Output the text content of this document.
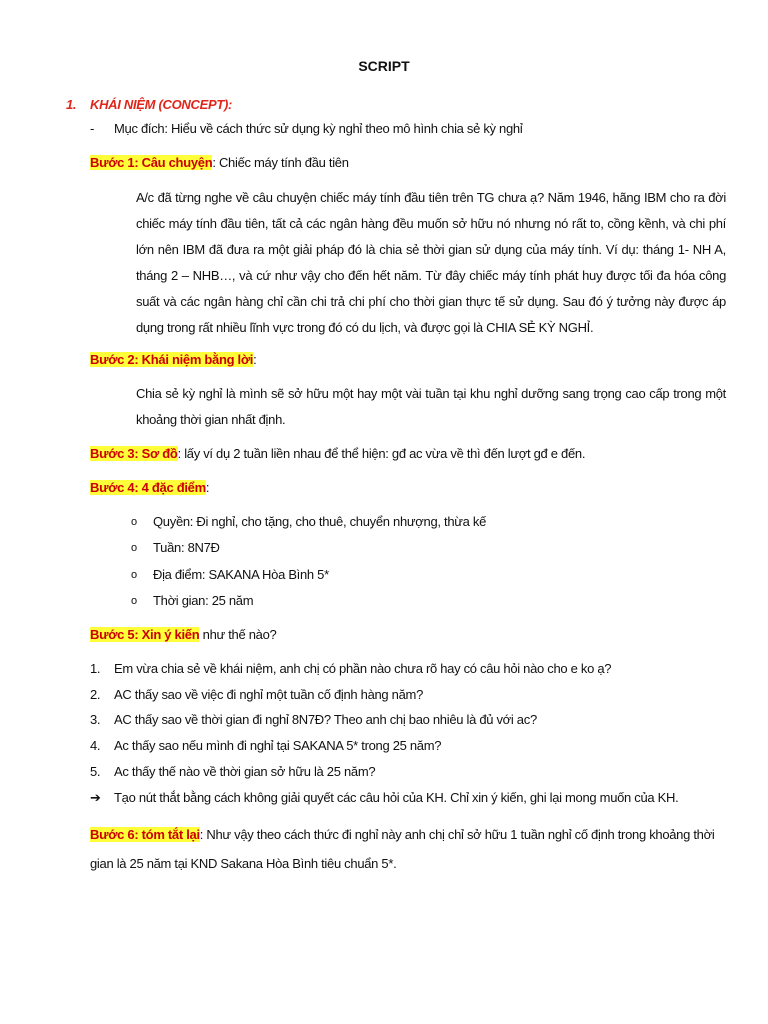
SCRIPT
1. KHÁI NIỆM (CONCEPT):
- Mục đích: Hiểu về cách thức sử dụng kỳ nghỉ theo mô hình chia sẻ kỳ nghỉ
Bước 1: Câu chuyện: Chiếc máy tính đầu tiên
A/c đã từng nghe về câu chuyện chiếc máy tính đầu tiên trên TG chưa ạ? Năm 1946, hãng IBM cho ra đời chiếc máy tính đầu tiên, tất cả các ngân hàng đều muốn sở hữu nó nhưng nó rất to, cồng kềnh, và chi phí lớn nên IBM đã đưa ra một giải pháp đó là chia sẻ thời gian sử dụng của máy tính. Ví dụ: tháng 1- NH A, tháng 2 – NHB…, và cứ như vậy cho đến hết năm. Từ đây chiếc máy tính phát huy được tối đa hóa công suất và các ngân hàng chỉ cần chi trả chi phí cho thời gian thực tế sử dụng. Sau đó ý tưởng này được áp dụng trong rất nhiều lĩnh vực trong đó có du lịch, và được gọi là CHIA SẺ KỲ NGHỈ.
Bước 2: Khái niệm bằng lời:
Chia sẻ kỳ nghỉ là mình sẽ sở hữu một hay một vài tuần tại khu nghỉ dưỡng sang trọng cao cấp trong một khoảng thời gian nhất định.
Bước 3: Sơ đồ: lấy ví dụ 2 tuần liền nhau để thể hiện: gđ ac vừa về thì đến lượt gđ e đến.
Bước 4: 4 đặc điểm:
o Quyền: Đi nghỉ, cho tặng, cho thuê, chuyển nhượng, thừa kế
o Tuần: 8N7Đ
o Địa điểm: SAKANA Hòa Bình 5*
o Thời gian: 25 năm
Bước 5: Xin ý kiến như thế nào?
1. Em vừa chia sẻ về khái niệm, anh chị có phần nào chưa rõ hay có câu hỏi nào cho e ko ạ?
2. AC thấy sao về việc đi nghỉ một tuần cố định hàng năm?
3. AC thấy sao về thời gian đi nghỉ 8N7Đ? Theo anh chị bao nhiêu là đủ với ac?
4. Ac thấy sao nếu mình đi nghỉ tại SAKANA 5* trong 25 năm?
5. Ac thấy thế nào về thời gian sở hữu là 25 năm?
➔ Tạo nút thắt bằng cách không giải quyết các câu hỏi của KH. Chỉ xin ý kiến, ghi lại mong muốn của KH.
Bước 6: tóm tắt lại: Như vậy theo cách thức đi nghỉ này anh chị chỉ sở hữu 1 tuần nghỉ cố định trong khoảng thời gian là 25 năm tại KND Sakana Hòa Bình tiêu chuẩn 5*.
